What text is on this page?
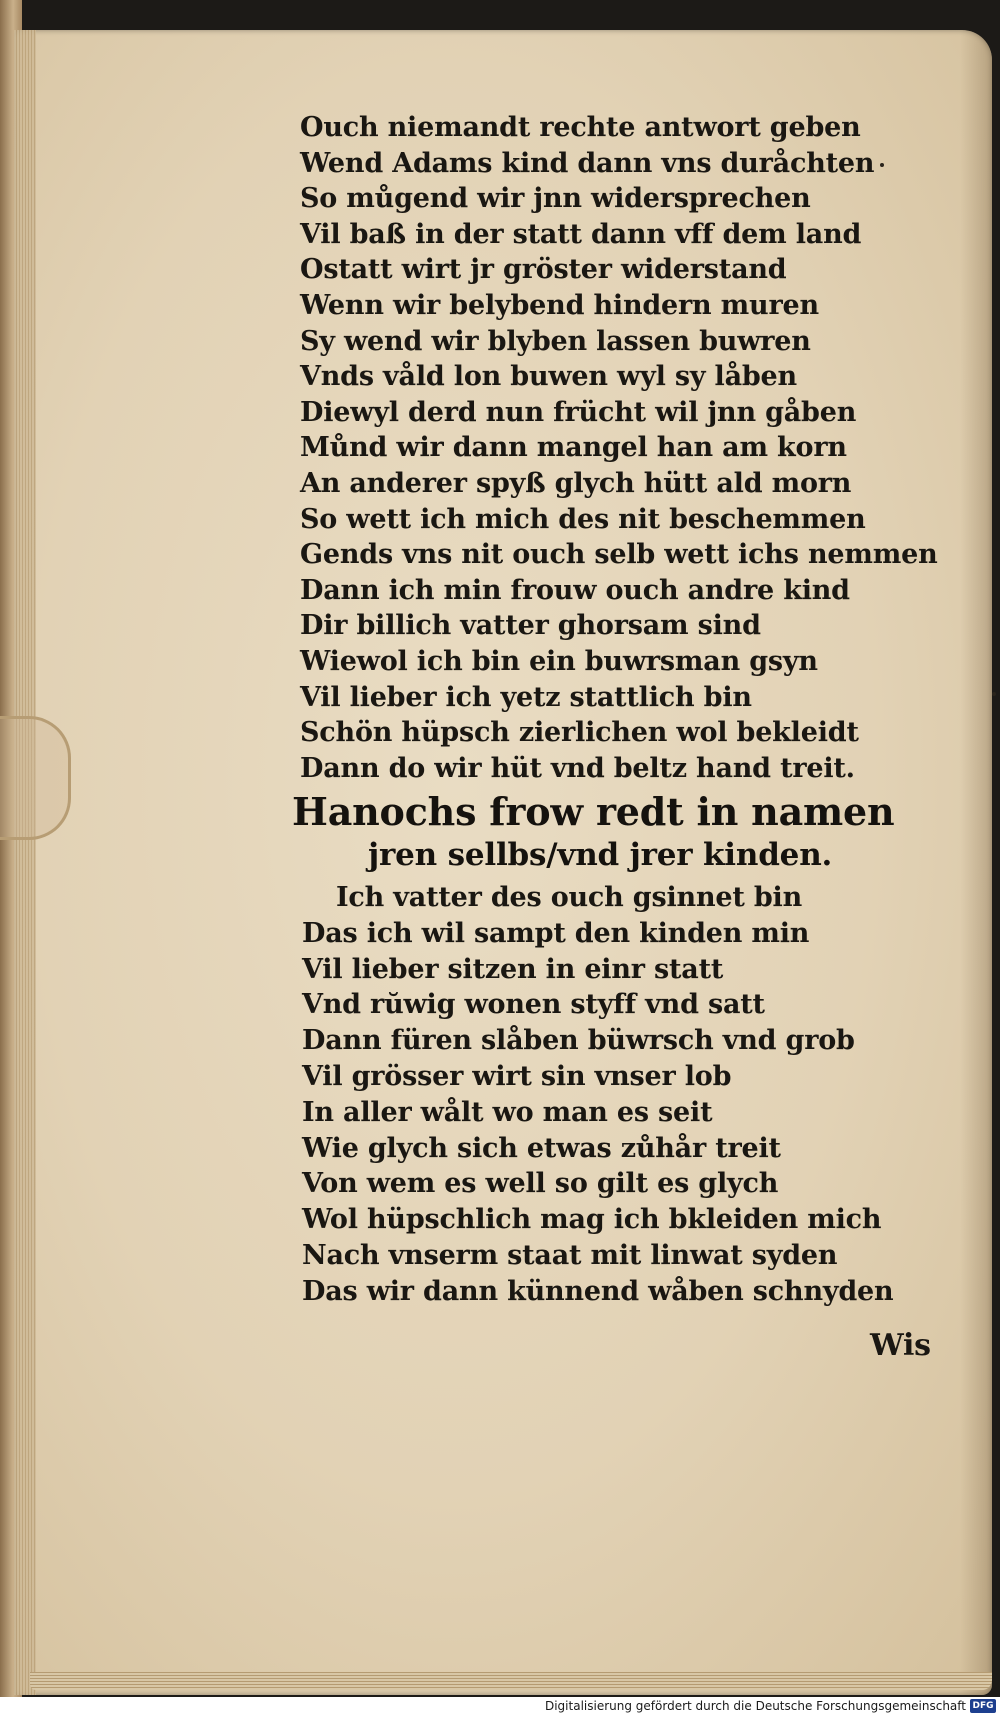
Ouch niemandt rechte antwort geben
Wend Adams kind dann vns duråchten
So můgend wir jnn widersprechen
Vil baß in der statt dann vff dem land
Ostatt wirt jr gröster widerstand
Wenn wir belybend hindern muren
Sy wend wir blyben lassen buwren
Vnds våld lon buwen wyl sy låben
Diewyl derd nun frücht wil jnn gåben
Můnd wir dann mangel han am korn
An anderer spyß glych hütt ald morn
So wett ich mich des nit beschemmen
Gends vns nit ouch selb wett ichs nemmen
Dann ich min frouw ouch andre kind
Dir billich vatter ghorsam sind
Wiewol ich bin ein buwrsman gsyn
Vil lieber ich yetz stattlich bin
Schön hüpsch zierlichen wol bekleidt
Dann do wir hüt vnd beltz hand treit.
Hanochs frow redt in namen
jren sellbs/vnd jrer kinden.
Ich vatter des ouch gsinnet bin
Das ich wil sampt den kinden min
Vil lieber sitzen in einr statt
Vnd rŭwig wonen styff vnd satt
Dann füren slåben büwrsch vnd grob
Vil grösser wirt sin vnser lob
In aller wålt wo man es seit
Wie glych sich etwas zůhår treit
Von wem es well so gilt es glych
Wol hüpschlich mag ich bkleiden mich
Nach vnserm staat mit linwat syden
Das wir dann künnend wåben schnyden
Wis
Digitalisierung gefördert durch die Deutsche Forschungsgemeinschaft DFG
